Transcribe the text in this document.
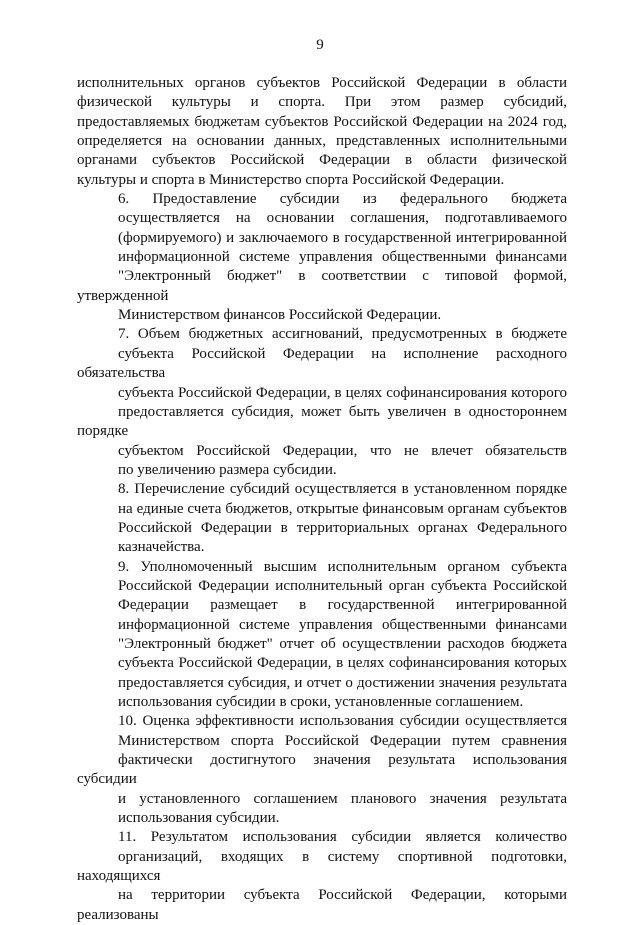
9

исполнительных органов субъектов Российской Федерации в области
физической культуры и спорта. При этом размер субсидий,
предоставляемых бюджетам субъектов Российской Федерации на 2024 год,
определяется на основании данных, представленных исполнительными
органами субъектов Российской Федерации в области физической
культуры и спорта в Министерство спорта Российской Федерации.

6. Предоставление субсидии из федерального бюджета
осуществляется на основании соглашения, подготавливаемого
(формируемого) и заключаемого в государственной интегрированной
информационной системе управления общественными финансами
"Электронный бюджет" в соответствии с типовой формой, утвержденной
Министерством финансов Российской Федерации.

7. Объем бюджетных ассигнований, предусмотренных в бюджете
субъекта Российской Федерации на исполнение расходного обязательства
субъекта Российской Федерации, в целях софинансирования которого
предоставляется субсидия, может быть увеличен в одностороннем порядке
субъектом Российской Федерации, что не влечет обязательств
по увеличению размера субсидии.

8. Перечисление субсидий осуществляется в установленном порядке
на единые счета бюджетов, открытые финансовым органам субъектов
Российской Федерации в территориальных органах Федерального
казначейства.

9. Уполномоченный высшим исполнительным органом субъекта
Российской Федерации исполнительный орган субъекта Российской
Федерации размещает в государственной интегрированной
информационной системе управления общественными финансами
"Электронный бюджет" отчет об осуществлении расходов бюджета
субъекта Российской Федерации, в целях софинансирования которых
предоставляется субсидия, и отчет о достижении значения результата
использования субсидии в сроки, установленные соглашением.

10. Оценка эффективности использования субсидии осуществляется
Министерством спорта Российской Федерации путем сравнения
фактически достигнутого значения результата использования субсидии
и установленного соглашением планового значения результата
использования субсидии.

11. Результатом использования субсидии является количество
организаций, входящих в систему спортивной подготовки, находящихся
на территории субъекта Российской Федерации, которыми реализованы
